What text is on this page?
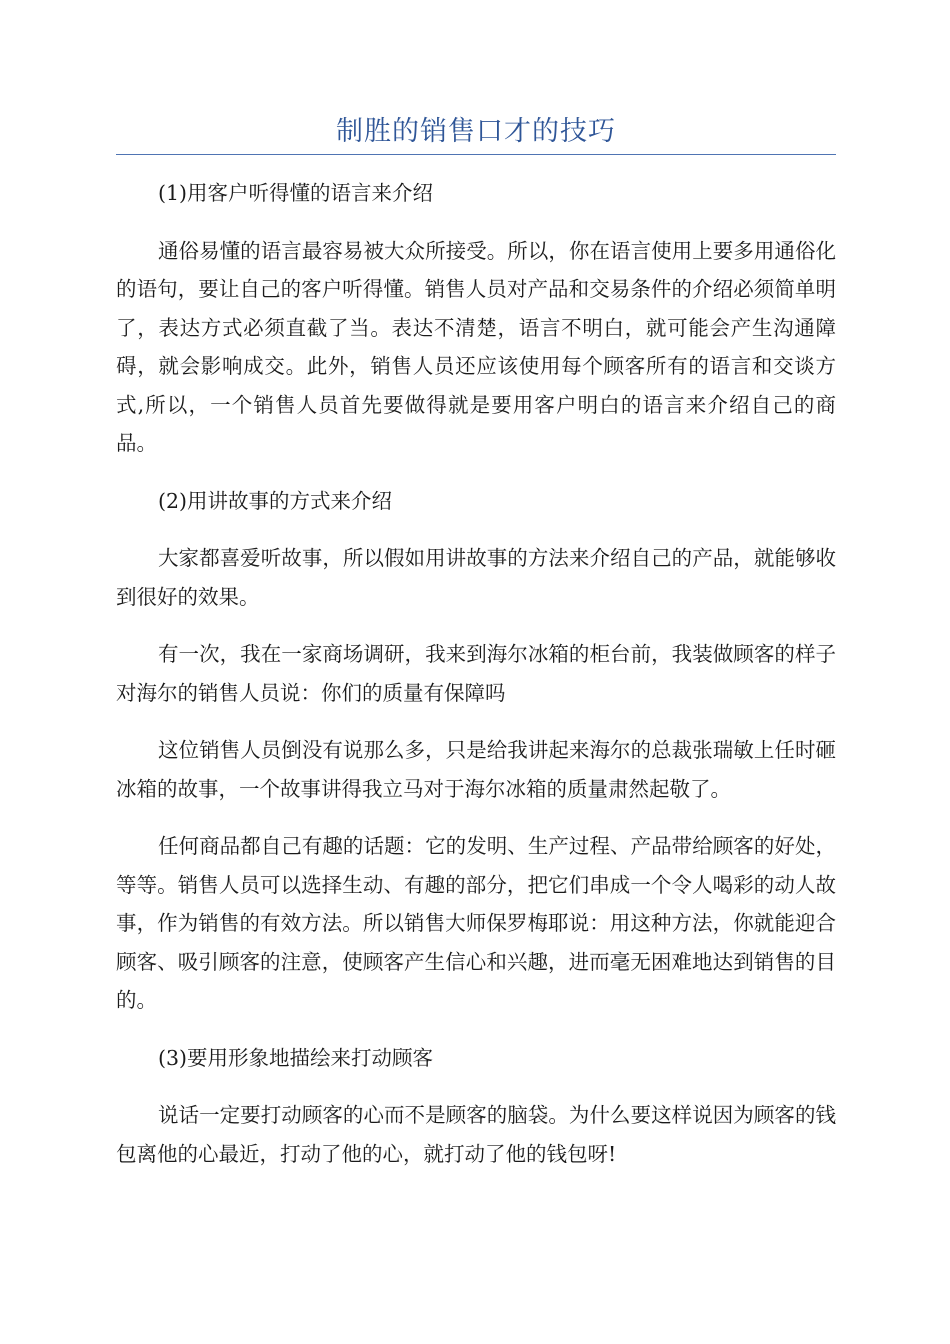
制胜的销售口才的技巧

(1)用客户听得懂的语言来介绍

通俗易懂的语言最容易被大众所接受。所以，你在语言使用上要多用通俗化的语句，要让自己的客户听得懂。销售人员对产品和交易条件的介绍必须简单明了，表达方式必须直截了当。表达不清楚，语言不明白，就可能会产生沟通障碍，就会影响成交。此外，销售人员还应该使用每个顾客所有的语言和交谈方式,所以，一个销售人员首先要做得就是要用客户明白的语言来介绍自己的商品。

(2)用讲故事的方式来介绍

大家都喜爱听故事，所以假如用讲故事的方法来介绍自己的产品，就能够收到很好的效果。

有一次，我在一家商场调研，我来到海尔冰箱的柜台前，我装做顾客的样子对海尔的销售人员说：你们的质量有保障吗

这位销售人员倒没有说那么多，只是给我讲起来海尔的总裁张瑞敏上任时砸冰箱的故事，一个故事讲得我立马对于海尔冰箱的质量肃然起敬了。

任何商品都自己有趣的话题：它的发明、生产过程、产品带给顾客的好处，等等。销售人员可以选择生动、有趣的部分，把它们串成一个令人喝彩的动人故事，作为销售的有效方法。所以销售大师保罗梅耶说：用这种方法，你就能迎合顾客、吸引顾客的注意，使顾客产生信心和兴趣，进而毫无困难地达到销售的目的。

(3)要用形象地描绘来打动顾客

说话一定要打动顾客的心而不是顾客的脑袋。为什么要这样说因为顾客的钱包离他的心最近，打动了他的心，就打动了他的钱包呀!
